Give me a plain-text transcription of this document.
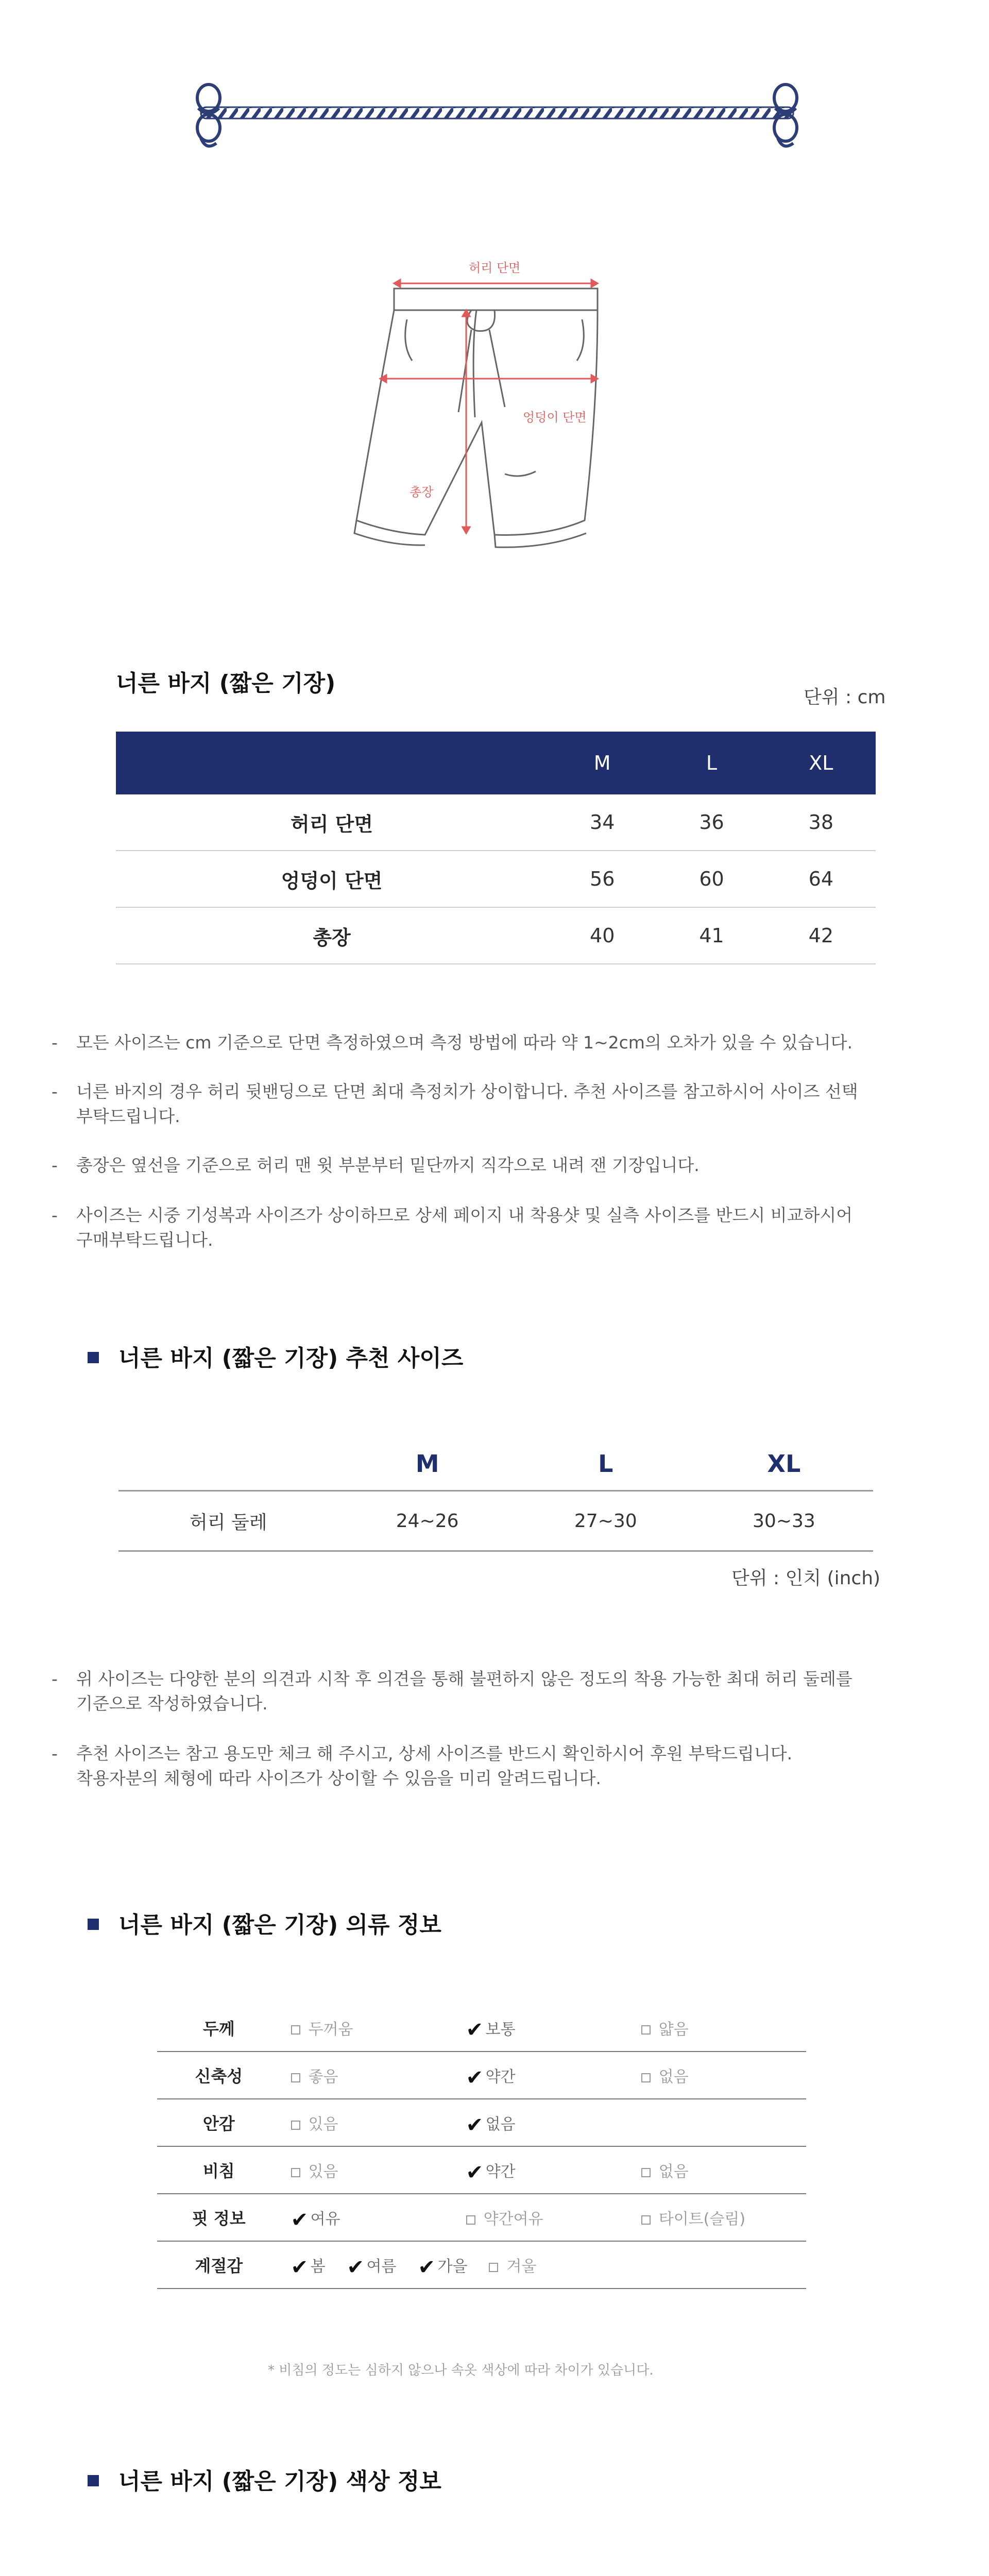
허리 단면
엉덩이 단면
총장
너른 바지 (짧은 기장)
단위 : cm
	M	L	XL
허리 단면	34	36	38
엉덩이 단면	56	60	64
총장	40	41	42
- 모든 사이즈는 cm 기준으로 단면 측정하였으며 측정 방법에 따라 약 1~2cm의 오차가 있을 수 있습니다.
- 너른 바지의 경우 허리 뒷밴딩으로 단면 최대 측정치가 상이합니다. 추천 사이즈를 참고하시어 사이즈 선택
부탁드립니다.
- 총장은 옆선을 기준으로 허리 맨 윗 부분부터 밑단까지 직각으로 내려 잰 기장입니다.
- 사이즈는 시중 기성복과 사이즈가 상이하므로 상세 페이지 내 착용샷 및 실측 사이즈를 반드시 비교하시어
구매부탁드립니다.
너른 바지 (짧은 기장) 추천 사이즈
	M	L	XL
허리 둘레	24~26	27~30	30~33
단위 : 인치 (inch)
- 위 사이즈는 다양한 분의 의견과 시착 후 의견을 통해 불편하지 않은 정도의 착용 가능한 최대 허리 둘레를
기준으로 작성하였습니다.
- 추천 사이즈는 참고 용도만 체크 해 주시고, 상세 사이즈를 반드시 확인하시어 후원 부탁드립니다.
착용자분의 체형에 따라 사이즈가 상이할 수 있음을 미리 알려드립니다.
너른 바지 (짧은 기장) 의류 정보
두께	두꺼움	✔ 보통	얇음
신축성	좋음	✔ 약간	없음
안감	있음	✔ 없음	
비침	있음	✔ 약간	없음
핏 정보	✔ 여유	약간여유	타이트(슬림)
계절감	✔ 봄 ✔ 여름 ✔ 가을 겨울		
* 비침의 정도는 심하지 않으나 속옷 색상에 따라 차이가 있습니다.
너른 바지 (짧은 기장) 색상 정보
